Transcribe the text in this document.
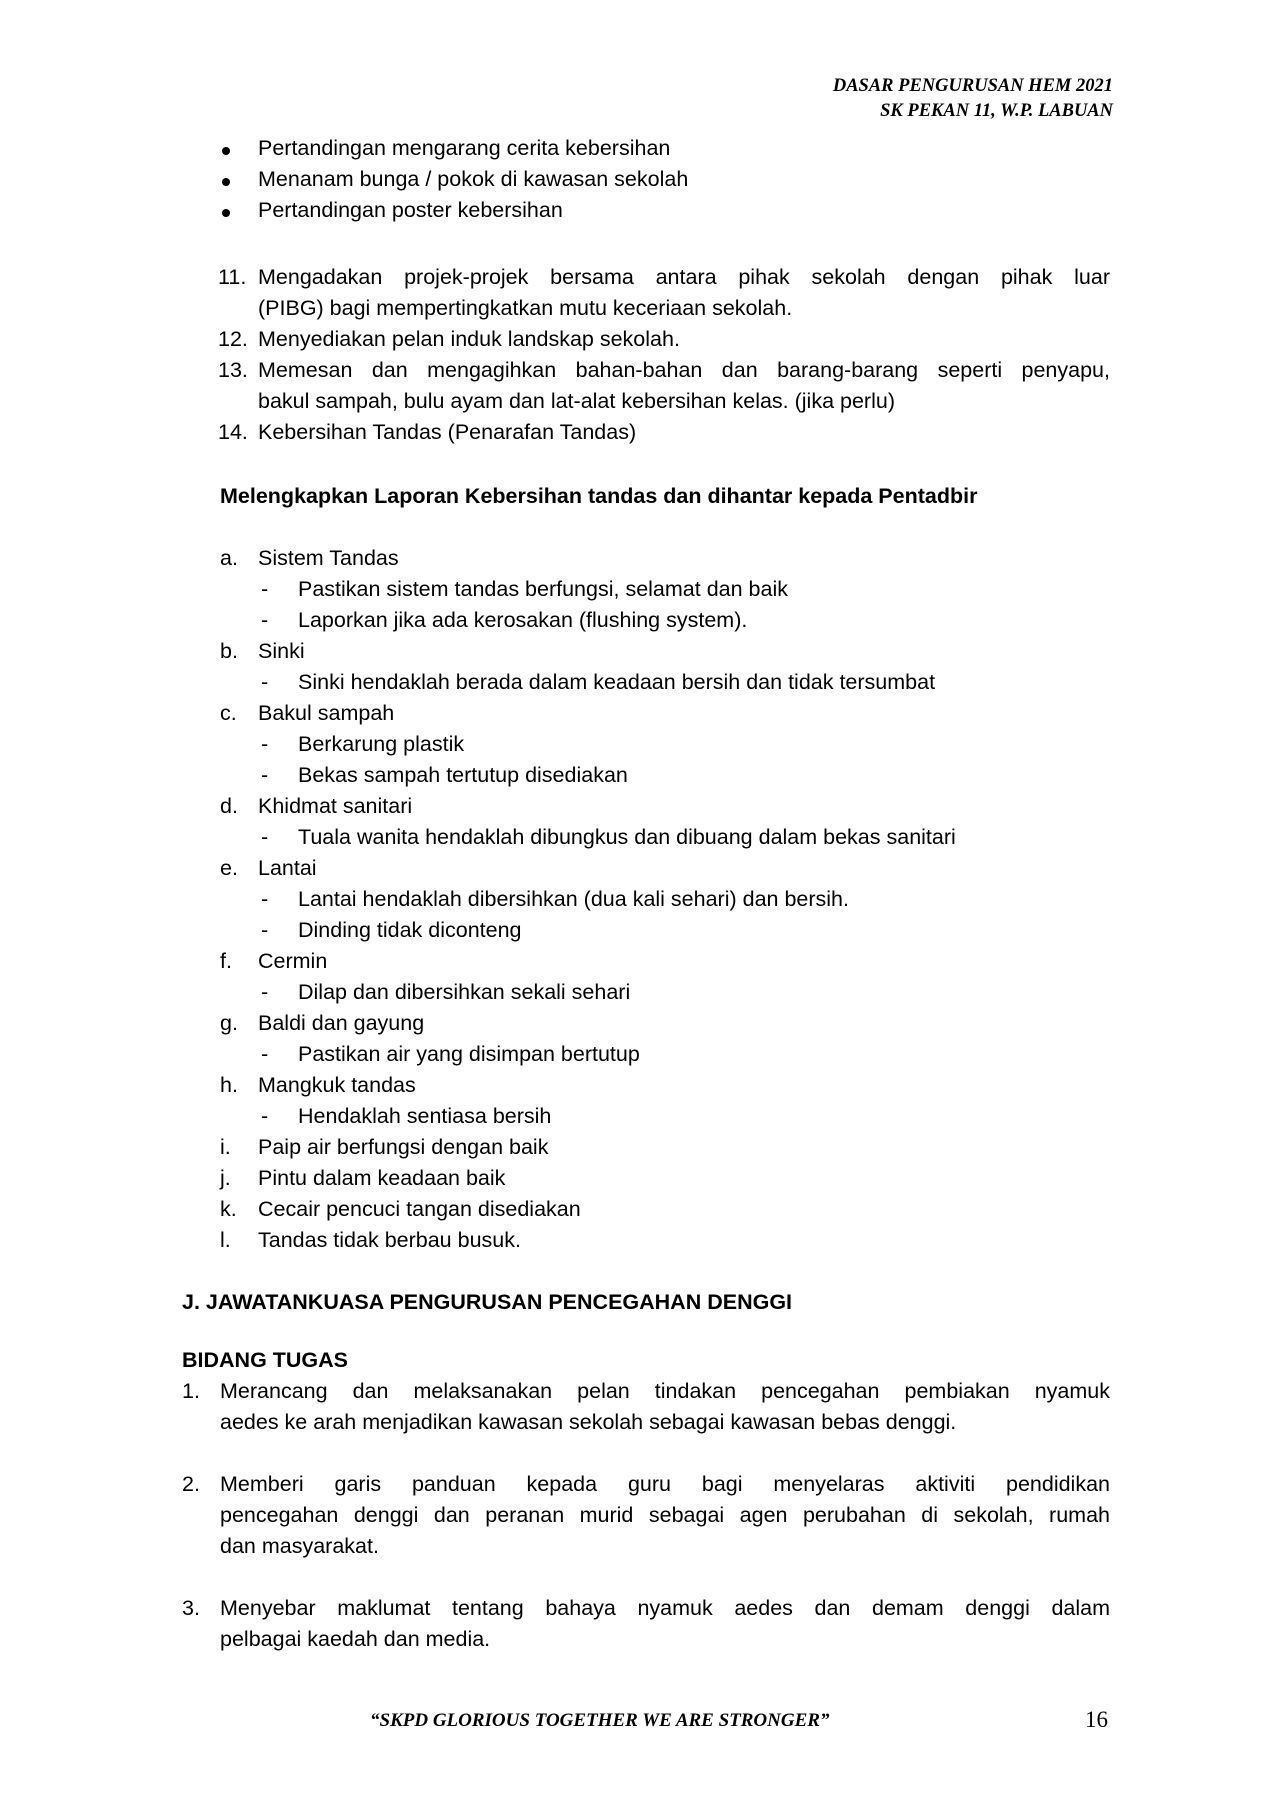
DASAR PENGURUSAN HEM 2021
SK PEKAN 11, W.P. LABUAN
Pertandingan mengarang cerita kebersihan
Menanam bunga / pokok di kawasan sekolah
Pertandingan poster kebersihan
11. Mengadakan projek-projek bersama antara pihak sekolah dengan pihak luar
(PIBG) bagi mempertingkatkan mutu keceriaan sekolah.
12. Menyediakan pelan induk landskap sekolah.
13. Memesan dan mengagihkan bahan-bahan dan barang-barang seperti penyapu,
bakul sampah, bulu ayam dan lat-alat kebersihan kelas. (jika perlu)
14. Kebersihan Tandas (Penarafan Tandas)
Melengkapkan Laporan Kebersihan tandas dan dihantar kepada Pentadbir
a. Sistem Tandas
- Pastikan sistem tandas berfungsi, selamat dan baik
- Laporkan jika ada kerosakan (flushing system).
b. Sinki
- Sinki hendaklah berada dalam keadaan bersih dan tidak tersumbat
c. Bakul sampah
- Berkarung plastik
- Bekas sampah tertutup disediakan
d. Khidmat sanitari
- Tuala wanita hendaklah dibungkus dan dibuang dalam bekas sanitari
e. Lantai
- Lantai hendaklah dibersihkan (dua kali sehari) dan bersih.
- Dinding tidak diconteng
f. Cermin
- Dilap dan dibersihkan sekali sehari
g. Baldi dan gayung
- Pastikan air yang disimpan bertutup
h. Mangkuk tandas
- Hendaklah sentiasa bersih
i. Paip air berfungsi dengan baik
j. Pintu dalam keadaan baik
k. Cecair pencuci tangan disediakan
l. Tandas tidak berbau busuk.
J. JAWATANKUASA PENGURUSAN PENCEGAHAN DENGGI
BIDANG TUGAS
1. Merancang dan melaksanakan pelan tindakan pencegahan pembiakan nyamuk
aedes ke arah menjadikan kawasan sekolah sebagai kawasan bebas denggi.
2. Memberi garis panduan kepada guru bagi menyelaras aktiviti pendidikan
pencegahan denggi dan peranan murid sebagai agen perubahan di sekolah, rumah
dan masyarakat.
3. Menyebar maklumat tentang bahaya nyamuk aedes dan demam denggi dalam
pelbagai kaedah dan media.
“SKPD GLORIOUS TOGETHER WE ARE STRONGER”	16
